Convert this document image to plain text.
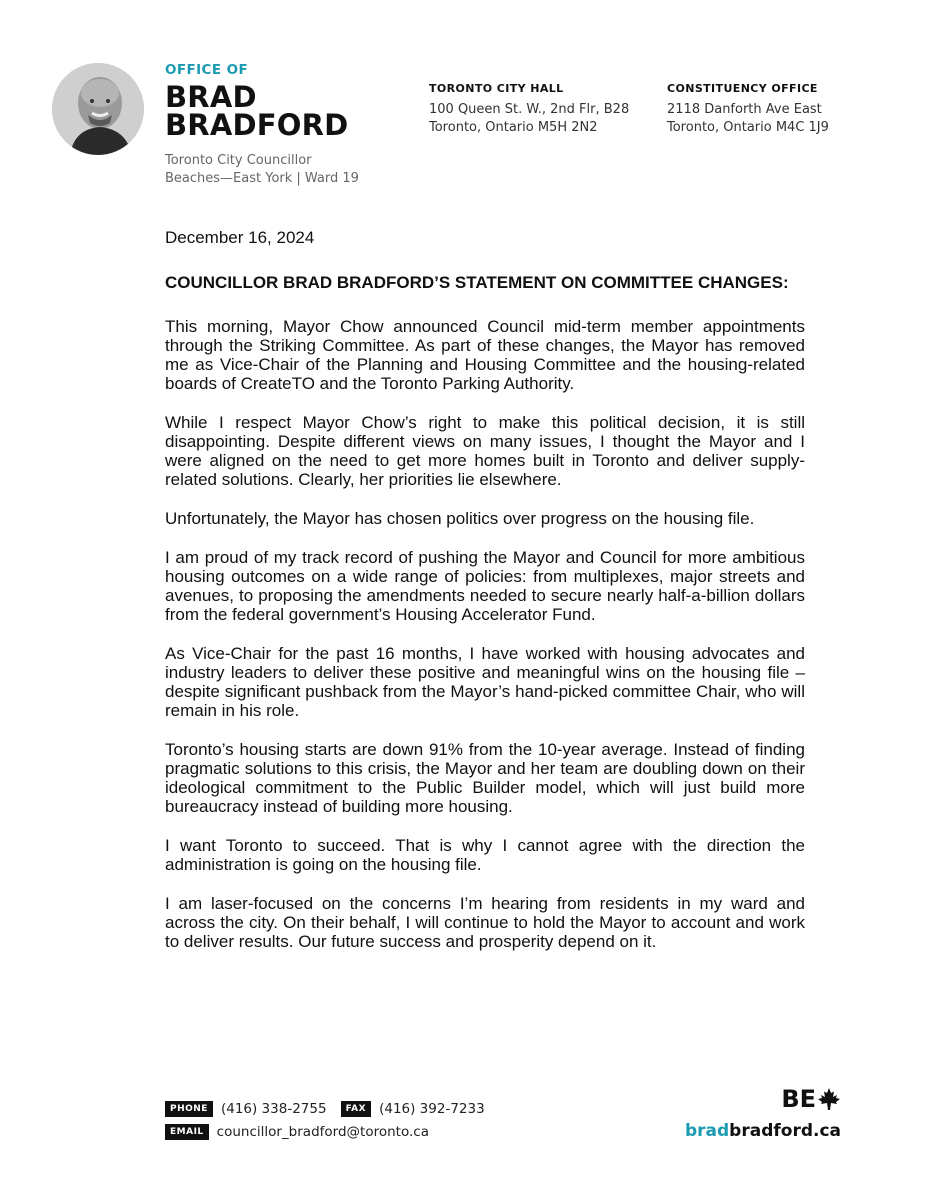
OFFICE OF
BRAD
BRADFORD
Toronto City Councillor
Beaches—East York | Ward 19
TORONTO CITY HALL
100 Queen St. W., 2nd Flr, B28
Toronto, Ontario M5H 2N2
CONSTITUENCY OFFICE
2118 Danforth Ave East
Toronto, Ontario M4C 1J9

December 16, 2024

COUNCILLOR BRAD BRADFORD’S STATEMENT ON COMMITTEE CHANGES:

This morning, Mayor Chow announced Council mid-term member appointments through the Striking Committee. As part of these changes, the Mayor has removed me as Vice-Chair of the Planning and Housing Committee and the housing-related boards of CreateTO and the Toronto Parking Authority.

While I respect Mayor Chow’s right to make this political decision, it is still disappointing. Despite different views on many issues, I thought the Mayor and I were aligned on the need to get more homes built in Toronto and deliver supply-related solutions. Clearly, her priorities lie elsewhere.

Unfortunately, the Mayor has chosen politics over progress on the housing file.

I am proud of my track record of pushing the Mayor and Council for more ambitious housing outcomes on a wide range of policies: from multiplexes, major streets and avenues, to proposing the amendments needed to secure nearly half-a-billion dollars from the federal government’s Housing Accelerator Fund.

As Vice-Chair for the past 16 months, I have worked with housing advocates and industry leaders to deliver these positive and meaningful wins on the housing file – despite significant pushback from the Mayor’s hand-picked committee Chair, who will remain in his role.

Toronto’s housing starts are down 91% from the 10-year average. Instead of finding pragmatic solutions to this crisis, the Mayor and her team are doubling down on their ideological commitment to the Public Builder model, which will just build more bureaucracy instead of building more housing.

I want Toronto to succeed. That is why I cannot agree with the direction the administration is going on the housing file.

I am laser-focused on the concerns I’m hearing from residents in my ward and across the city. On their behalf, I will continue to hold the Mayor to account and work to deliver results. Our future success and prosperity depend on it.

PHONE (416) 338-2755	FAX (416) 392-7233
EMAIL councillor_bradford@toronto.ca
BE
bradbradford.ca
